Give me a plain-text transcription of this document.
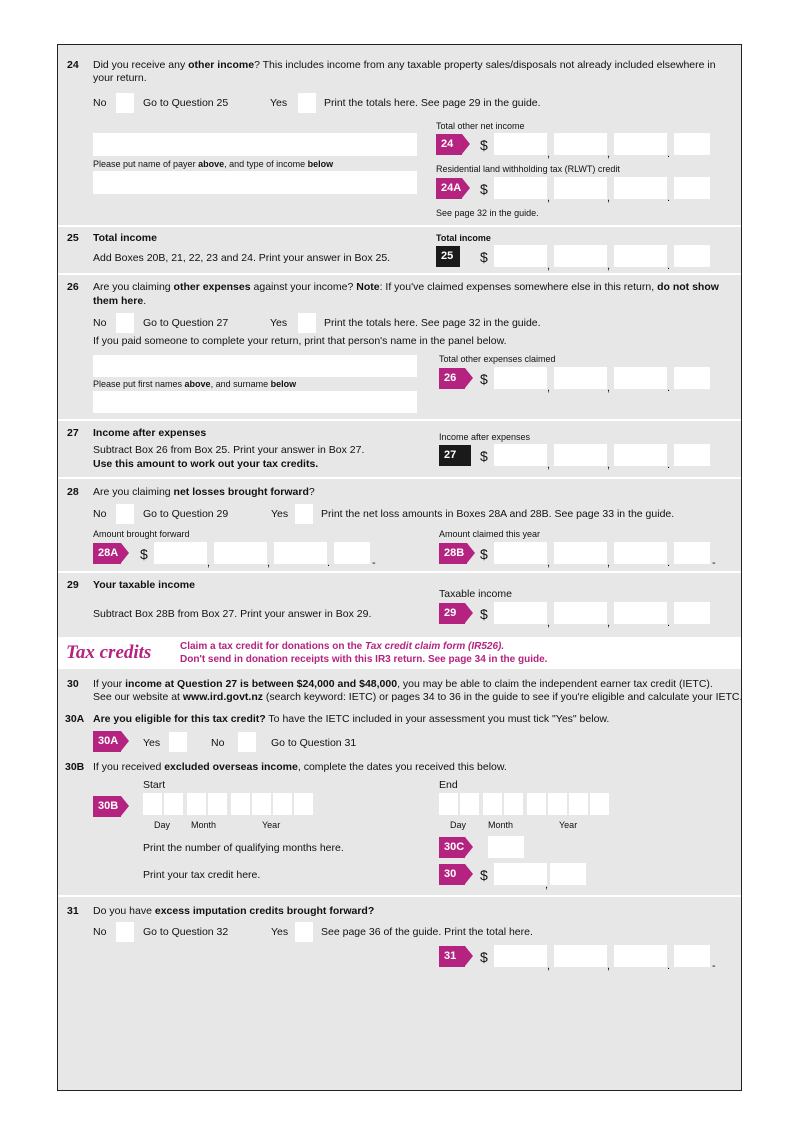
24 Did you receive any other income? This includes income from any taxable property sales/disposals not already included elsewhere in
your return.
No	Go to Question 25	Yes	Print the totals here. See page 29 in the guide.
Total other net income
24	$
,	,	.
Please put name of payer above, and type of income below	Residential land withholding tax (RLWT) credit
24A $
,	,	.
See page 32 in the guide.
25 Total income
Add Boxes 20B, 21, 22, 23 and 24. Print your answer in Box 25.
Total income
25	$
,	,	.
26 Are you claiming other expenses against your income? Note: If you've claimed expenses somewhere else in this return, do not show
them here.
No	Go to Question 27	Yes	Print the totals here. See page 32 in the guide.
If you paid someone to complete your return, print that person's name in the panel below.
Please put first names above, and surname below
Total other expenses claimed
26	$
,	,	.
27 Income after expenses
Subtract Box 26 from Box 25. Print your answer in Box 27.
Use this amount to work out your tax credits.
Income after expenses
27	$
,	,	.
28 Are you claiming net losses brought forward?
No	Go to Question 29	Yes	Print the net loss amounts in Boxes 28A and 28B. See page 33 in the guide.
Amount brought forward
28A $
,	,	.	-
Amount claimed this year
28B $
,	,	.	-
29 Your taxable income
Subtract Box 28B from Box 27. Print your answer in Box 29.
Taxable income
29	$
,	,	.
Tax credits	Claim a tax credit for donations on the Tax credit claim form (IR526).
Don't send in donation receipts with this IR3 return. See page 34 in the guide.
30 If your income at Question 27 is between $24,000 and $48,000, you may be able to claim the independent earner tax credit (IETC).
See our website at www.ird.govt.nz (search keyword: IETC) or pages 34 to 36 in the guide to see if you're eligible and calculate your IETC.
30A Are you eligible for this tax credit? To have the IETC included in your assessment you must tick "Yes" below.
30A Yes	No	Go to Question 31
30B If you received excluded overseas income, complete the dates you received this below.
Start	End
30B
Day Month	Year	Day Month	Year
Print the number of qualifying months here.	30C
Print your tax credit here.	30	$
,
31 Do you have excess imputation credits brought forward?
No	Go to Question 32	Yes	See page 36 of the guide. Print the total here.
31	$
,	,	.	-
